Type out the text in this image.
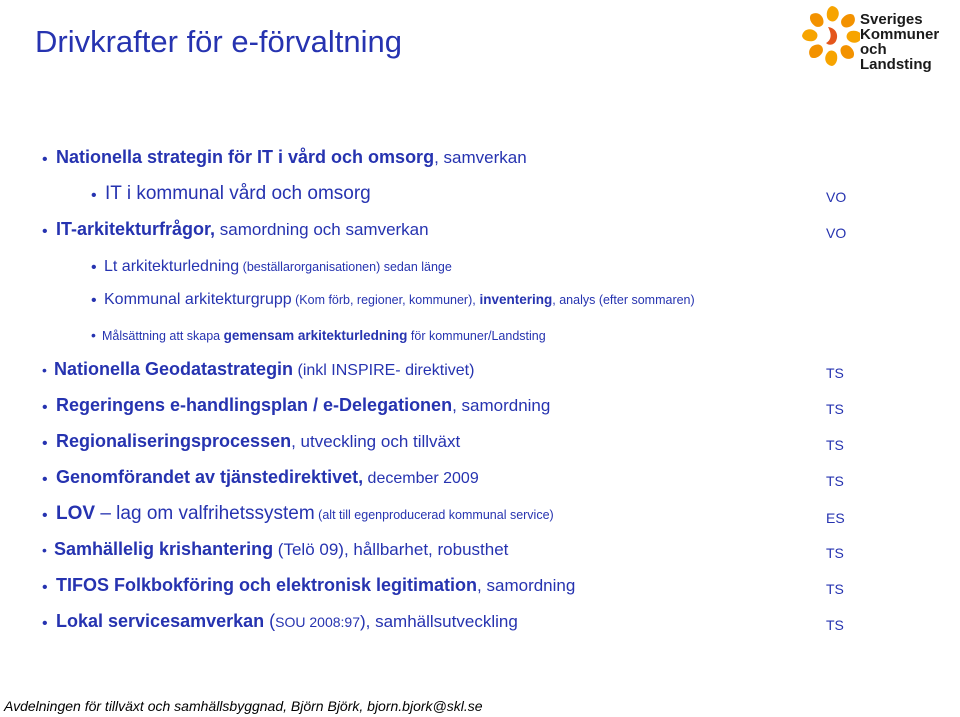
Drivkrafter för e-förvaltning
Sveriges
Kommuner
och Landsting
• Nationella strategin för IT i vård och omsorg, samverkan
• IT i kommunal vård och omsorg	VO
• IT-arkitekturfrågor, samordning och samverkan	VO
• Lt arkitekturledning (beställarorganisationen) sedan länge
• Kommunal arkitekturgrupp (Kom förb, regioner, kommuner), inventering, analys (efter sommaren)
• Målsättning att skapa gemensam arkitekturledning för kommuner/Landsting
• Nationella Geodatastrategin (inkl INSPIRE- direktivet)	TS
• Regeringens e-handlingsplan / e-Delegationen, samordning	TS
• Regionaliseringsprocessen, utveckling och tillväxt	TS
• Genomförandet av tjänstedirektivet, december 2009	TS
• LOV – lag om valfrihetssystem (alt till egenproducerad kommunal service)	ES
• Samhällelig krishantering (Telö 09), hållbarhet, robusthet	TS
• TIFOS Folkbokföring och elektronisk legitimation, samordning	TS
• Lokal servicesamverkan (SOU 2008:97), samhällsutveckling	TS
Avdelningen för tillväxt och samhällsbyggnad, Björn Björk, bjorn.bjork@skl.se
